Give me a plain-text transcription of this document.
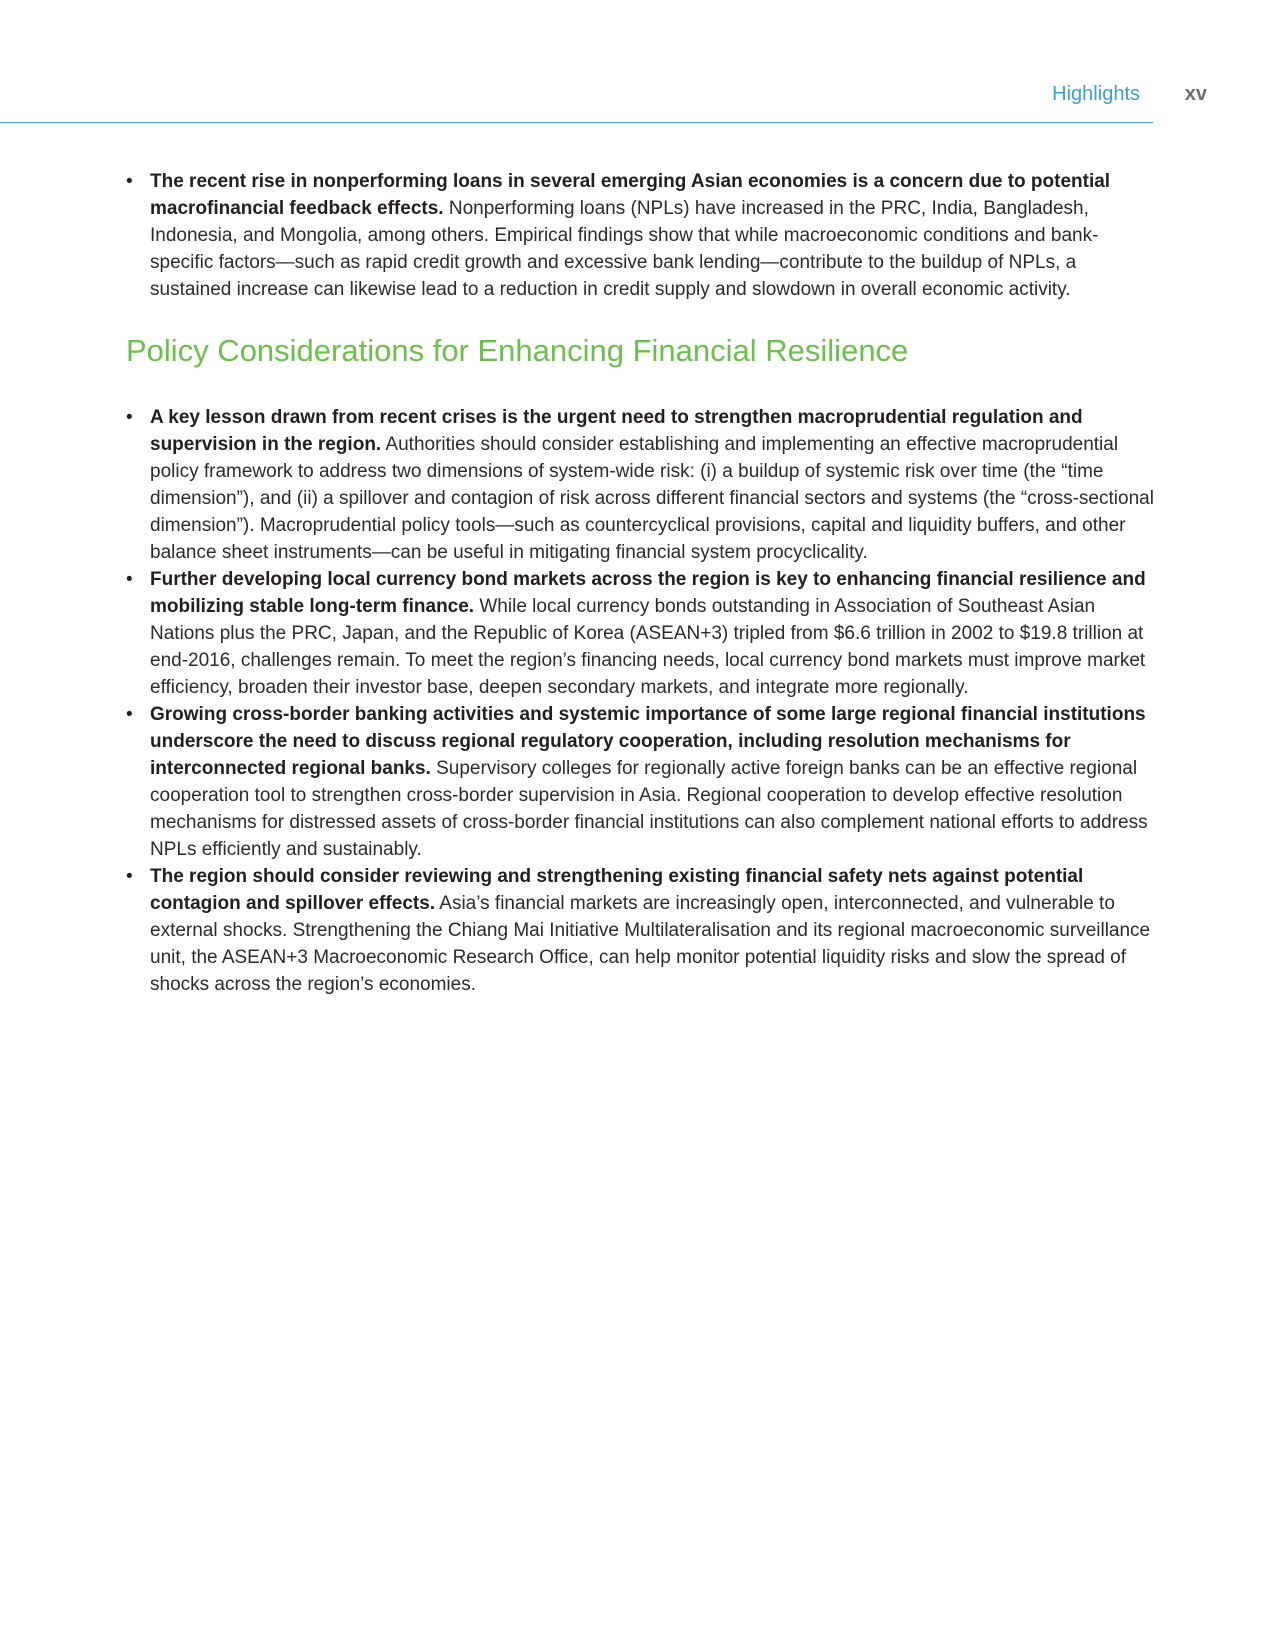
Highlights xv
• The recent rise in nonperforming loans in several emerging Asian economies is a concern due to potential macrofinancial feedback effects. Nonperforming loans (NPLs) have increased in the PRC, India, Bangladesh, Indonesia, and Mongolia, among others. Empirical findings show that while macroeconomic conditions and bank-specific factors—such as rapid credit growth and excessive bank lending—contribute to the buildup of NPLs, a sustained increase can likewise lead to a reduction in credit supply and slowdown in overall economic activity.
Policy Considerations for Enhancing Financial Resilience
• A key lesson drawn from recent crises is the urgent need to strengthen macroprudential regulation and supervision in the region. Authorities should consider establishing and implementing an effective macroprudential policy framework to address two dimensions of system-wide risk: (i) a buildup of systemic risk over time (the “time dimension”), and (ii) a spillover and contagion of risk across different financial sectors and systems (the “cross-sectional dimension”). Macroprudential policy tools—such as countercyclical provisions, capital and liquidity buffers, and other balance sheet instruments—can be useful in mitigating financial system procyclicality.
• Further developing local currency bond markets across the region is key to enhancing financial resilience and mobilizing stable long-term finance. While local currency bonds outstanding in Association of Southeast Asian Nations plus the PRC, Japan, and the Republic of Korea (ASEAN+3) tripled from $6.6 trillion in 2002 to $19.8 trillion at end-2016, challenges remain. To meet the region’s financing needs, local currency bond markets must improve market efficiency, broaden their investor base, deepen secondary markets, and integrate more regionally.
• Growing cross-border banking activities and systemic importance of some large regional financial institutions underscore the need to discuss regional regulatory cooperation, including resolution mechanisms for interconnected regional banks. Supervisory colleges for regionally active foreign banks can be an effective regional cooperation tool to strengthen cross-border supervision in Asia. Regional cooperation to develop effective resolution mechanisms for distressed assets of cross-border financial institutions can also complement national efforts to address NPLs efficiently and sustainably.
• The region should consider reviewing and strengthening existing financial safety nets against potential contagion and spillover effects. Asia’s financial markets are increasingly open, interconnected, and vulnerable to external shocks. Strengthening the Chiang Mai Initiative Multilateralisation and its regional macroeconomic surveillance unit, the ASEAN+3 Macroeconomic Research Office, can help monitor potential liquidity risks and slow the spread of shocks across the region’s economies.
